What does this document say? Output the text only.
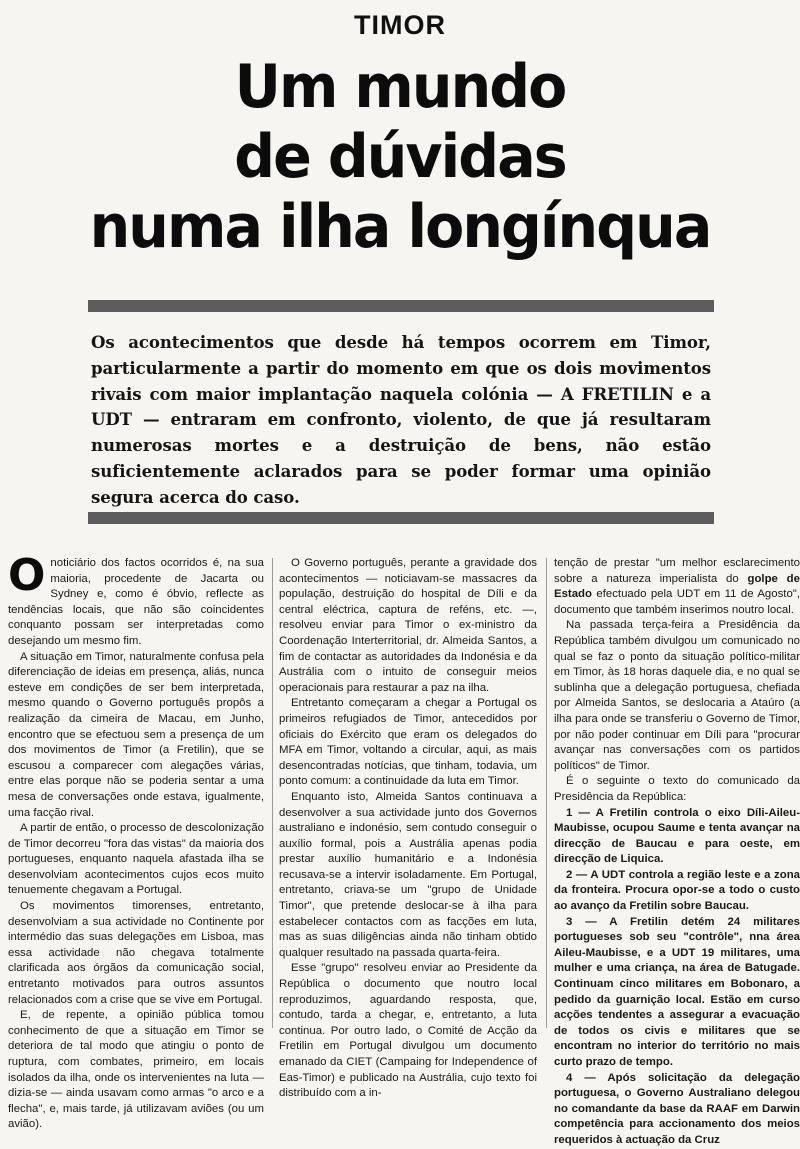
TIMOR
Um mundo
de dúvidas
numa ilha longínqua

Os acontecimentos que desde há tempos ocorrem em Timor, particularmente a partir do momento em que os dois movimentos rivais com maior implantação naquela colónia — A FRETILIN e a UDT — entraram em confronto, violento, de que já resultaram numerosas mortes e a destruição de bens, não estão suficientemente aclarados para se poder formar uma opinião segura acerca do caso.

Onoticiário dos factos ocorridos é, na sua maioria, procedente de Jacarta ou Sydney e, como é óbvio, reflecte as tendências locais, que não são coincidentes conquanto possam ser interpretadas como desejando um mesmo fim.

A situação em Timor, naturalmente confusa pela diferenciação de ideias em presença, aliás, nunca esteve em condições de ser bem interpretada, mesmo quando o Governo português propôs a realização da cimeira de Macau, em Junho, encontro que se efectuou sem a presença de um dos movimentos de Timor (a Fretilin), que se escusou a comparecer com alegações várias, entre elas porque não se poderia sentar a uma mesa de conversações onde estava, igualmente, uma facção rival.

A partir de então, o processo de descolonização de Timor decorreu "fora das vistas" da maioria dos portugueses, enquanto naquela afastada ilha se desenvolviam acontecimentos cujos ecos muito tenuemente chegavam a Portugal.

Os movimentos timorenses, entretanto, desenvolviam a sua actividade no Continente por intermédio das suas delegações em Lisboa, mas essa actividade não chegava totalmente clarificada aos órgãos da comunicação social, entretanto motivados para outros assuntos relacionados com a crise que se vive em Portugal.

E, de repente, a opinião pública tomou conhecimento de que a situação em Timor se deteriora de tal modo que atingiu o ponto de ruptura, com combates, primeiro, em locais isolados da ilha, onde os intervenientes na luta — dizia-se — ainda usavam como armas "o arco e a flecha", e, mais tarde, já utilizavam aviões (ou um avião).

O Governo português, perante a gravidade dos acontecimentos — noticiavam-se massacres da população, destruição do hospital de Díli e da central eléctrica, captura de reféns, etc. —, resolveu enviar para Timor o ex-ministro da Coordenação Interterritorial, dr. Almeida Santos, a fim de contactar as autoridades da Indonésia e da Austrália com o intuito de conseguir meios operacionais para restaurar a paz na ilha.

Entretanto começaram a chegar a Portugal os primeiros refugiados de Timor, antecedidos por oficiais do Exército que eram os delegados do MFA em Timor, voltando a circular, aqui, as mais desencontradas notícias, que tinham, todavia, um ponto comum: a continuidade da luta em Timor.

Enquanto isto, Almeida Santos continuava a desenvolver a sua actividade junto dos Governos australiano e indonésio, sem contudo conseguir o auxílio formal, pois a Austrália apenas podia prestar auxílio humanitário e a Indonésia recusava-se a intervir isoladamente. Em Portugal, entretanto, criava-se um "grupo de Unidade Timor", que pretende deslocar-se à ilha para estabelecer contactos com as facções em luta, mas as suas diligências ainda não tinham obtido qualquer resultado na passada quarta-feira.

Esse "grupo" resolveu enviar ao Presidente da República o documento que noutro local reproduzimos, aguardando resposta, que, contudo, tarda a chegar, e, entretanto, a luta continua. Por outro lado, o Comité de Acção da Fretilin em Portugal divulgou um documento emanado da CIET (Campaing for Independence of Eas-Timor) e publicado na Austrália, cujo texto foi distribuído com a in-

tenção de prestar "um melhor esclarecimento sobre a natureza imperialista do golpe de Estado efectuado pela UDT em 11 de Agosto", documento que também inserimos noutro local.

Na passada terça-feira a Presidência da República também divulgou um comunicado no qual se faz o ponto da situação político-militar em Timor, às 18 horas daquele dia, e no qual se sublinha que a delegação portuguesa, chefiada por Almeida Santos, se deslocaria a Ataúro (a ilha para onde se transferiu o Governo de Timor, por não poder continuar em Díli para "procurar avançar nas conversações com os partidos políticos" de Timor.

É o seguinte o texto do comunicado da Presidência da República:

1 — A Fretilin controla o eixo Díli-Aileu-Maubisse, ocupou Saume e tenta avançar na direcção de Baucau e para oeste, em direcção de Liquica.

2 — A UDT controla a região leste e a zona da fronteira. Procura opor-se a todo o custo ao avanço da Fretilin sobre Baucau.

3 — A Fretilin detém 24 militares portugueses sob seu "contrôle", nna área Aileu-Maubisse, e a UDT 19 militares, uma mulher e uma criança, na área de Batugade. Continuam cinco militares em Bobonaro, a pedido da guarnição local. Estão em curso acções tendentes a assegurar a evacuação de todos os civis e militares que se encontram no interior do território no mais curto prazo de tempo.

4 — Após solicitação da delegação portuguesa, o Governo Australiano delegou no comandante da base da RAAF em Darwin competência para accionamento dos meios requeridos à actuação da Cruz
